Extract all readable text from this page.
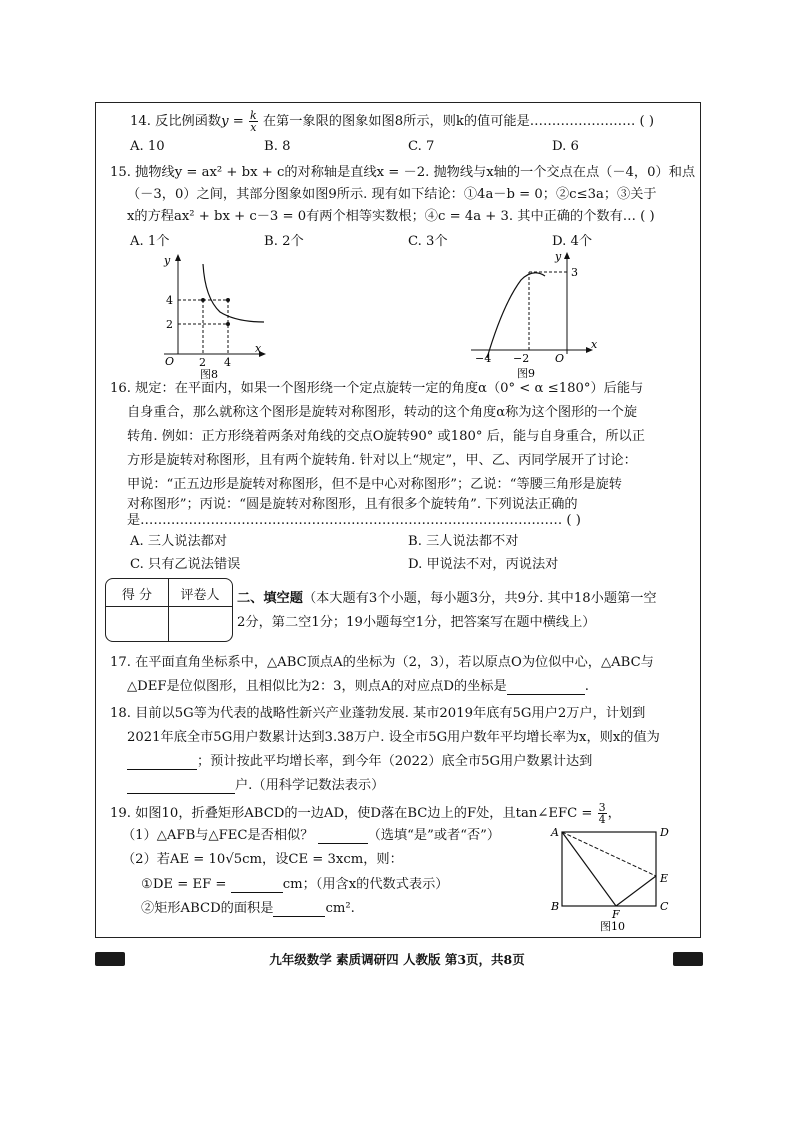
14. 反比例函数$y = \frac{k}{x}$ 在第一象限的图象如图8所示，则k的值可能是…………………… ( )
A. 10	B. 8	C. 7	D. 6
15. 抛物线y = ax² + bx + c的对称轴是直线x = －2. 抛物线与x轴的一个交点在点（－4，0）和点
（－3，0）之间，其部分图象如图9所示. 现有如下结论：①4a－b = 0；②c≤3a；③关于
x的方程ax² + bx + c－3 = 0有两个相等实数根；④c = 4a + 3. 其中正确的个数有… ( )
A. 1个	B. 2个	C. 3个	D. 4个
y
x
O 2 4
4
2
图8
y
x
O
−4 −2
3
图9
16. 规定：在平面内，如果一个图形绕一个定点旋转一定的角度α（0° < α ≤180°）后能与
自身重合，那么就称这个图形是旋转对称图形，转动的这个角度α称为这个图形的一个旋
转角. 例如：正方形绕着两条对角线的交点O旋转90° 或180° 后，能与自身重合，所以正
方形是旋转对称图形，且有两个旋转角. 针对以上“规定”，甲、乙、丙同学展开了讨论：
甲说：“正五边形是旋转对称图形，但不是中心对称图形”；乙说：“等腰三角形是旋转
对称图形”；丙说：“圆是旋转对称图形，且有很多个旋转角”. 下列说法正确的
是…………………………………………………………………………………… ( )
A. 三人说法都对	B. 三人说法都不对
C. 只有乙说法错误	D. 甲说法不对，丙说法对
得 分	评卷人	二、填空题（本大题有3个小题，每小题3分，共9分. 其中18小题第一空
2分，第二空1分；19小题每空1分，把答案写在题中横线上）
17. 在平面直角坐标系中，△ABC顶点A的坐标为（2，3），若以原点O为位似中心，△ABC与
△DEF是位似图形，且相似比为2：3，则点A的对应点D的坐标是	.
18. 目前以5G等为代表的战略性新兴产业蓬勃发展. 某市2019年底有5G用户2万户，计划到
2021年底全市5G用户数累计达到3.38万户. 设全市5G用户数年平均增长率为x，则x的值为
；预计按此平均增长率，到今年（2022）底全市5G用户数累计达到
户.（用科学记数法表示）
19. 如图10，折叠矩形ABCD的一边AD，使D落在BC边上的F处，且tan∠EFC = $\frac{3}{4}$ ，
（1）△AFB与△FEC是否相似？	（选填“是”或者“否”）
（2）若AE = 10√5cm，设CE = 3xcm，则：
①DE = EF =	cm；（用含x的代数式表示）
②矩形ABCD的面积是	cm².
A	D
E
B
F
C
图10
九年级数学 素质调研四 人教版 第3页，共8页
